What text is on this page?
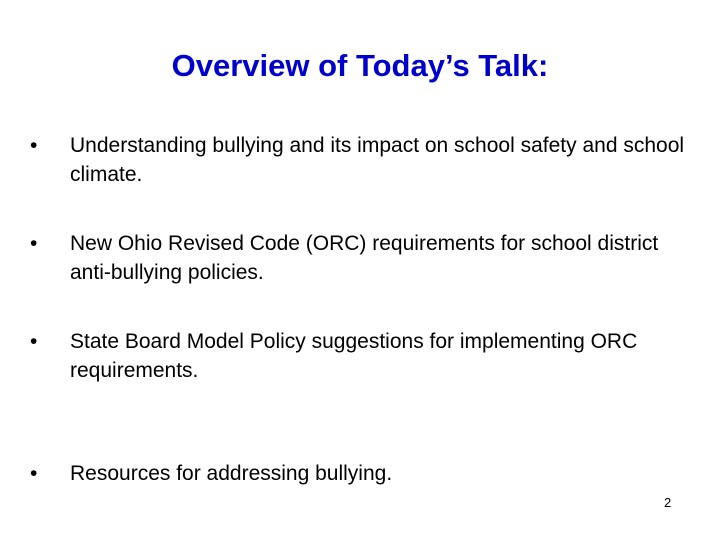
Overview of Today’s Talk:
• Understanding bullying and its impact on school safety and school climate.
• New Ohio Revised Code (ORC) requirements for school district anti-bullying policies.
• State Board Model Policy suggestions for implementing ORC requirements.
• Resources for addressing bullying.
2
